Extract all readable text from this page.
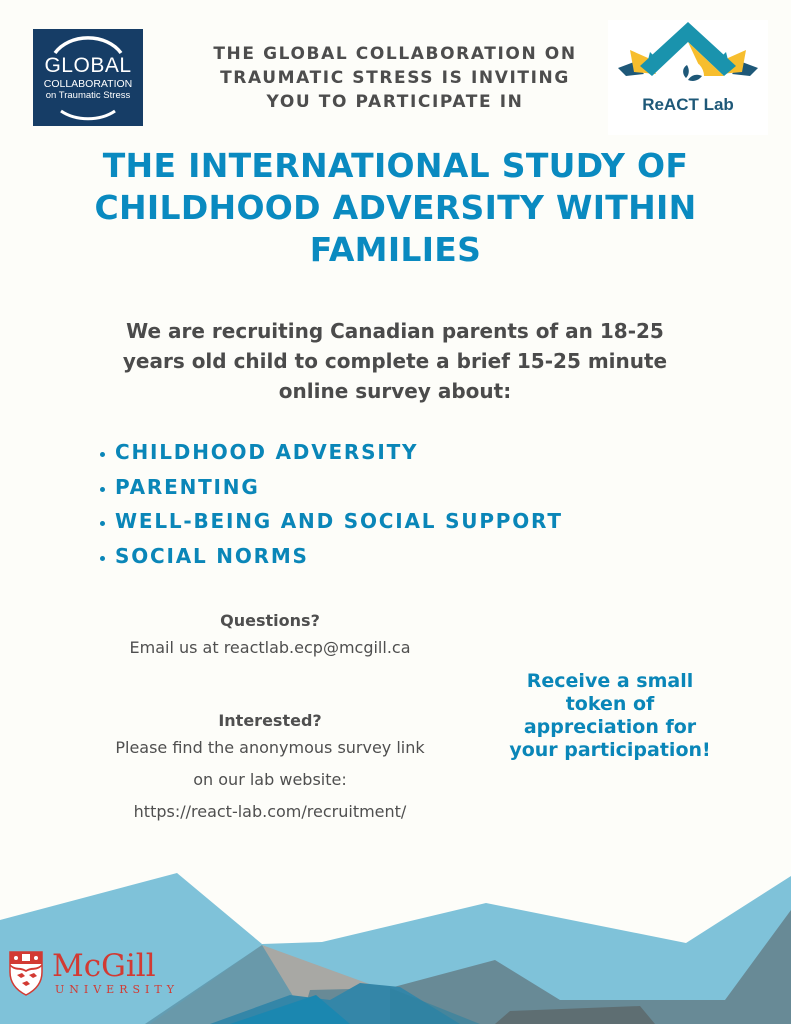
GLOBAL
COLLABORATION
on Traumatic Stress	ReACT Lab
THE GLOBAL COLLABORATION ON
TRAUMATIC STRESS IS INVITING
YOU TO PARTICIPATE IN
THE INTERNATIONAL STUDY OF
CHILDHOOD ADVERSITY WITHIN
FAMILIES
We are recruiting Canadian parents of an 18-25
years old child to complete a brief 15-25 minute
online survey about:
CHILDHOOD ADVERSITY
PARENTING
WELL-BEING AND SOCIAL SUPPORT
SOCIAL NORMS
Questions?
Email us at reactlab.ecp@mcgill.ca
Interested?
Please find the anonymous survey link
on our lab website:
https://react-lab.com/recruitment/
Receive a small
token of
appreciation for
your participation!
McGill
UNIVERSITY
